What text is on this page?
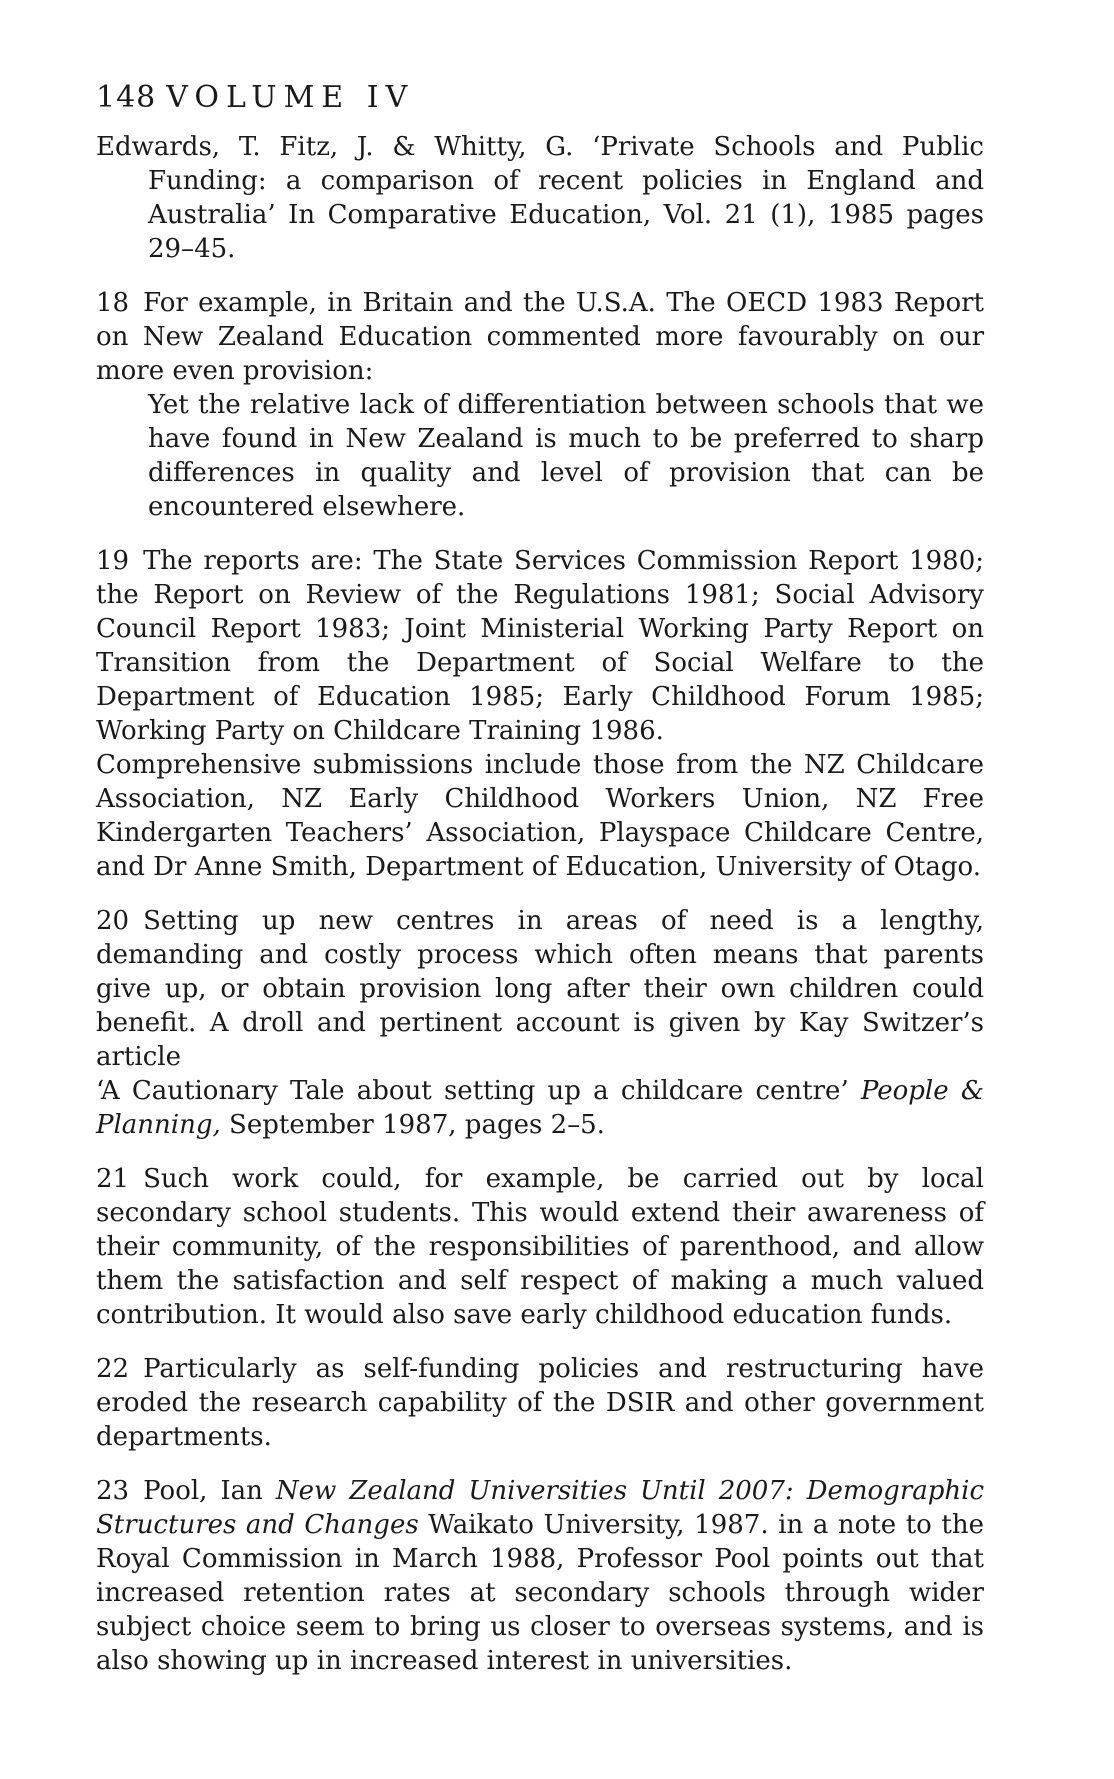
148 VOLUME IV

Edwards, T. Fitz, J. & Whitty, G. ‘Private Schools and Public Funding: a comparison of recent policies in England and Australia’ In Comparative Education, Vol. 21 (1), 1985 pages 29–45.

18 For example, in Britain and the U.S.A. The OECD 1983 Report on New Zealand Education commented more favourably on our more even provision:

Yet the relative lack of differentiation between schools that we have found in New Zealand is much to be preferred to sharp differences in quality and level of provision that can be encountered elsewhere.

19 The reports are: The State Services Commission Report 1980; the Report on Review of the Regulations 1981; Social Advisory Council Report 1983; Joint Ministerial Working Party Report on Transition from the Department of Social Welfare to the Department of Education 1985; Early Childhood Forum 1985; Working Party on Childcare Training 1986.
Comprehensive submissions include those from the NZ Childcare Association, NZ Early Childhood Workers Union, NZ Free Kindergarten Teachers’ Association, Playspace Childcare Centre, and Dr Anne Smith, Department of Education, University of Otago.

20 Setting up new centres in areas of need is a lengthy, demanding and costly process which often means that parents give up, or obtain provision long after their own children could benefit. A droll and pertinent account is given by Kay Switzer’s article
‘A Cautionary Tale about setting up a childcare centre’ People & Planning, September 1987, pages 2–5.

21 Such work could, for example, be carried out by local secondary school students. This would extend their awareness of their community, of the responsibilities of parenthood, and allow them the satisfaction and self respect of making a much valued contribution. It would also save early childhood education funds.

22 Particularly as self-funding policies and restructuring have eroded the research capability of the DSIR and other government departments.

23 Pool, Ian New Zealand Universities Until 2007: Demographic Structures and Changes Waikato University, 1987. in a note to the Royal Commission in March 1988, Professor Pool points out that increased retention rates at secondary schools through wider subject choice seem to bring us closer to overseas systems, and is also showing up in increased interest in universities.
